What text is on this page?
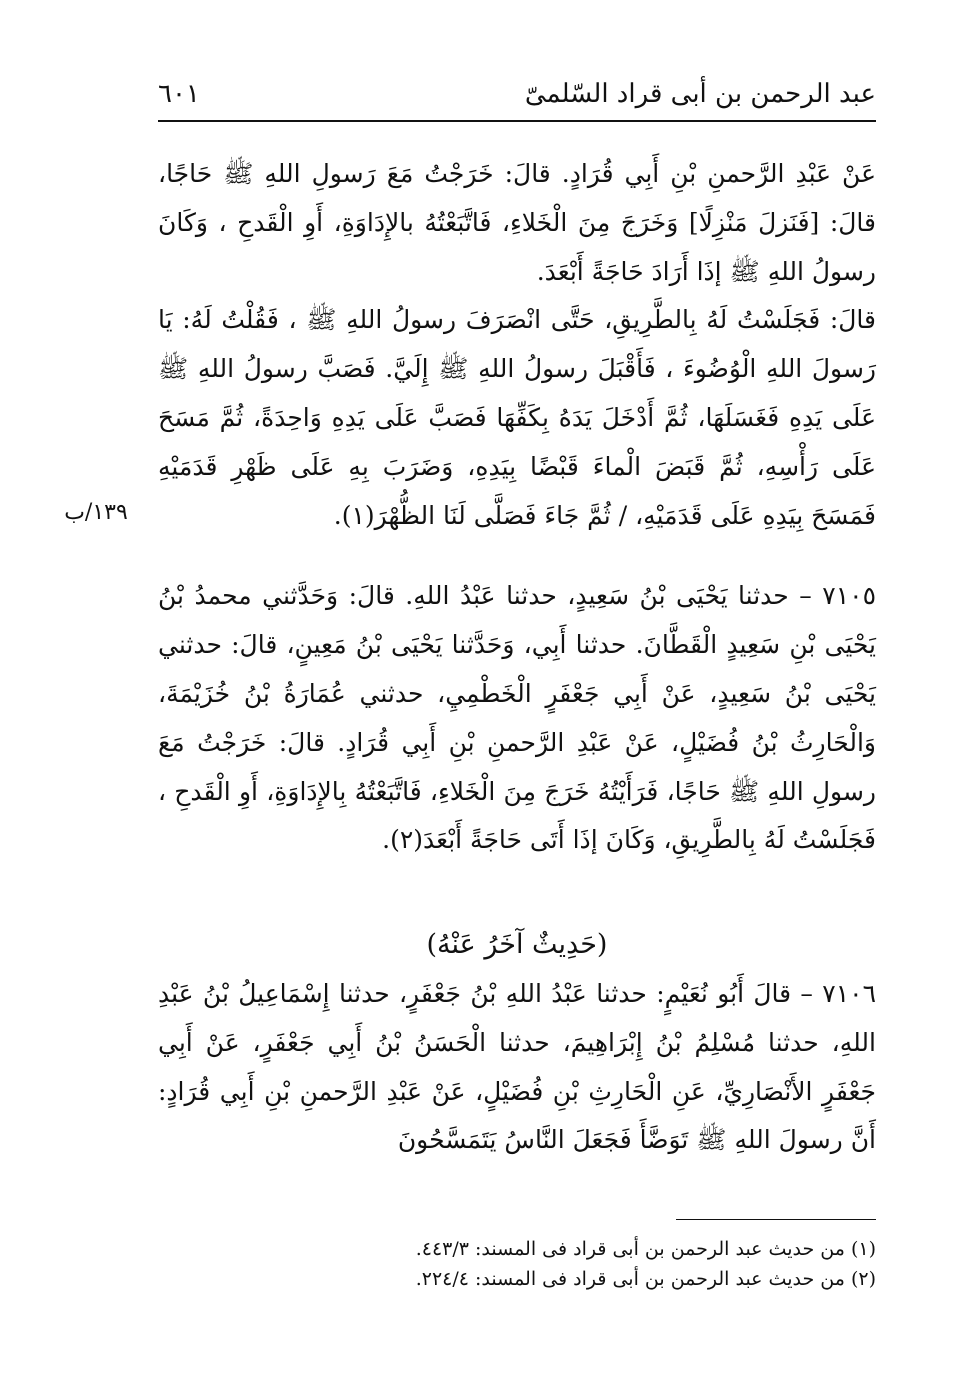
عبد الرحمن بن أبى قراد السّلمىّ
٦٠١
١٣٩/ب

عَنْ عَبْدِ الرَّحمنِ بْنِ أَبِي قُرَادٍ. قالَ: خَرَجْتُ مَعَ رَسولِ اللهِ ﷺ حَاجًا، قالَ: [فَنَزلَ مَنْزِلًا] وَخَرَجَ مِنَ الْخَلاءِ، فَاتَّبَعْتُهُ بالإِدَاوَةِ، أَوِ الْقَدحِ ، وَكَانَ رسولُ اللهِ ﷺ إذَا أَرَادَ حَاجَةً أَبْعَدَ.

قالَ: فَجَلَسْتُ لَهُ بِالطَّرِيقِ، حَتَّى انْصَرَفَ رسولُ اللهِ ﷺ ، فَقُلْتُ لَهُ: يَا رَسولَ اللهِ الْوُضُوءَ ، فَأَقْبَلَ رسولُ اللهِ ﷺ إِلَيَّ. فَصَبَّ رسولُ اللهِ ﷺ عَلَى يَدِهِ فَغَسَلَهَا، ثُمَّ أَدْخَلَ يَدَهُ بِكَفِّهَا فَصَبَّ عَلَى يَدِهِ وَاحِدَةً، ثُمَّ مَسَحَ عَلَى رَأْسِهِ، ثُمَّ قَبَضَ الْماءَ قَبْضًا بِيَدِهِ، وَضَرَبَ بِهِ عَلَى ظَهْرِ قَدَمَيْهِ فَمَسَحَ بِيَدِهِ عَلَى قَدَمَيْهِ، / ثُمَّ جَاءَ فَصَلَّى لَنَا الظُّهْرَ(١).

٧١٠٥ – حدثنا يَحْيَى بْنُ سَعِيدٍ، حدثنا عَبْدُ اللهِ. قالَ: وَحَدَّثني محمدُ بْنُ يَحْيَى بْنِ سَعِيدٍ الْقَطَّانَ. حدثنا أَبِي، وَحَدَّثنا يَحْيَى بْنُ مَعِينٍ، قالَ: حدثني يَحْيَى بْنُ سَعِيدٍ، عَنْ أَبِي جَعْفَرٍ الْخَطْمِيِ، حدثني عُمَارَةُ بْنُ خُزَيْمَةَ، وَالْحَارِثُ بْنُ فُضَيْلٍ، عَنْ عَبْدِ الرَّحمنِ بْنِ أَبِي قُرَادٍ. قالَ: خَرَجْتُ مَعَ رسولِ اللهِ ﷺ حَاجًا، فَرَأَيْتُهُ خَرَجَ مِنَ الْخَلاءِ، فَاتَّبَعْتُهُ بِالإِدَاوَةِ، أَوِ الْقَدحِ ، فَجَلَسْتُ لَهُ بِالطَّرِيقِ، وَكَانَ إذَا أَتَى حَاجَةً أَبْعَدَ(٢).

(حَدِيثٌ آخَرُ عَنْهُ)

٧١٠٦ – قالَ أَبُو نُعَيْمٍ: حدثنا عَبْدُ اللهِ بْنُ جَعْفَرٍ، حدثنا إِسْمَاعِيلُ بْنُ عَبْدِ اللهِ، حدثنا مُسْلِمُ بْنُ إِبْرَاهِيمَ، حدثنا الْحَسَنُ بْنُ أَبِي جَعْفَرٍ، عَنْ أَبِي جَعْفَرٍ الأَنْصَارِيِّ، عَنِ الْحَارِثِ بْنِ فُضَيْلٍ، عَنْ عَبْدِ الرَّحمنِ بْنِ أَبِي قُرَادٍ: أَنَّ رسولَ اللهِ ﷺ تَوَضَّأَ فَجَعَلَ النَّاسُ يَتَمَسَّحُونَ

(١) من حديث عبد الرحمن بن أبى قراد فى المسند: ٤٤٣/٣.

(٢) من حديث عبد الرحمن بن أبى قراد فى المسند: ٢٢٤/٤.
